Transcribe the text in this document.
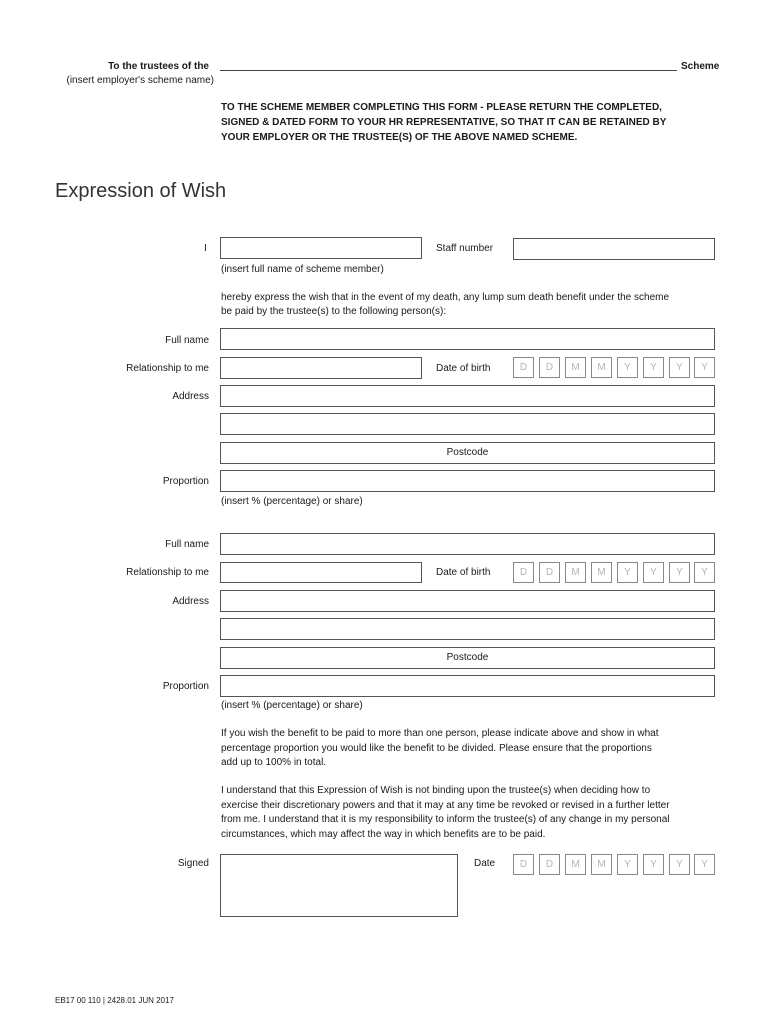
To the trustees of the	Scheme
(insert employer's scheme name)
TO THE SCHEME MEMBER COMPLETING THIS FORM - PLEASE RETURN THE COMPLETED,
SIGNED & DATED FORM TO YOUR HR REPRESENTATIVE, SO THAT IT CAN BE RETAINED BY
YOUR EMPLOYER OR THE TRUSTEE(S) OF THE ABOVE NAMED SCHEME.
Expression of Wish
I	Staff number
(insert full name of scheme member)
hereby express the wish that in the event of my death, any lump sum death benefit under the scheme
be paid by the trustee(s) to the following person(s):
Full name
Relationship to me	Date of birth	D	D	M	M	Y	Y	Y	Y
Address
Postcode
Proportion
(insert % (percentage) or share)
Full name
Relationship to me	Date of birth	D	D	M	M	Y	Y	Y	Y
Address
Postcode
Proportion
(insert % (percentage) or share)
If you wish the benefit to be paid to more than one person, please indicate above and show in what
percentage proportion you would like the benefit to be divided. Please ensure that the proportions
add up to 100% in total.
I understand that this Expression of Wish is not binding upon the trustee(s) when deciding how to
exercise their discretionary powers and that it may at any time be revoked or revised in a further letter
from me. I understand that it is my responsibility to inform the trustee(s) of any change in my personal
circumstances, which may affect the way in which benefits are to be paid.
Signed	Date	D	D	M	M	Y	Y	Y	Y
EB17 00 110 | 2428.01 JUN 2017
